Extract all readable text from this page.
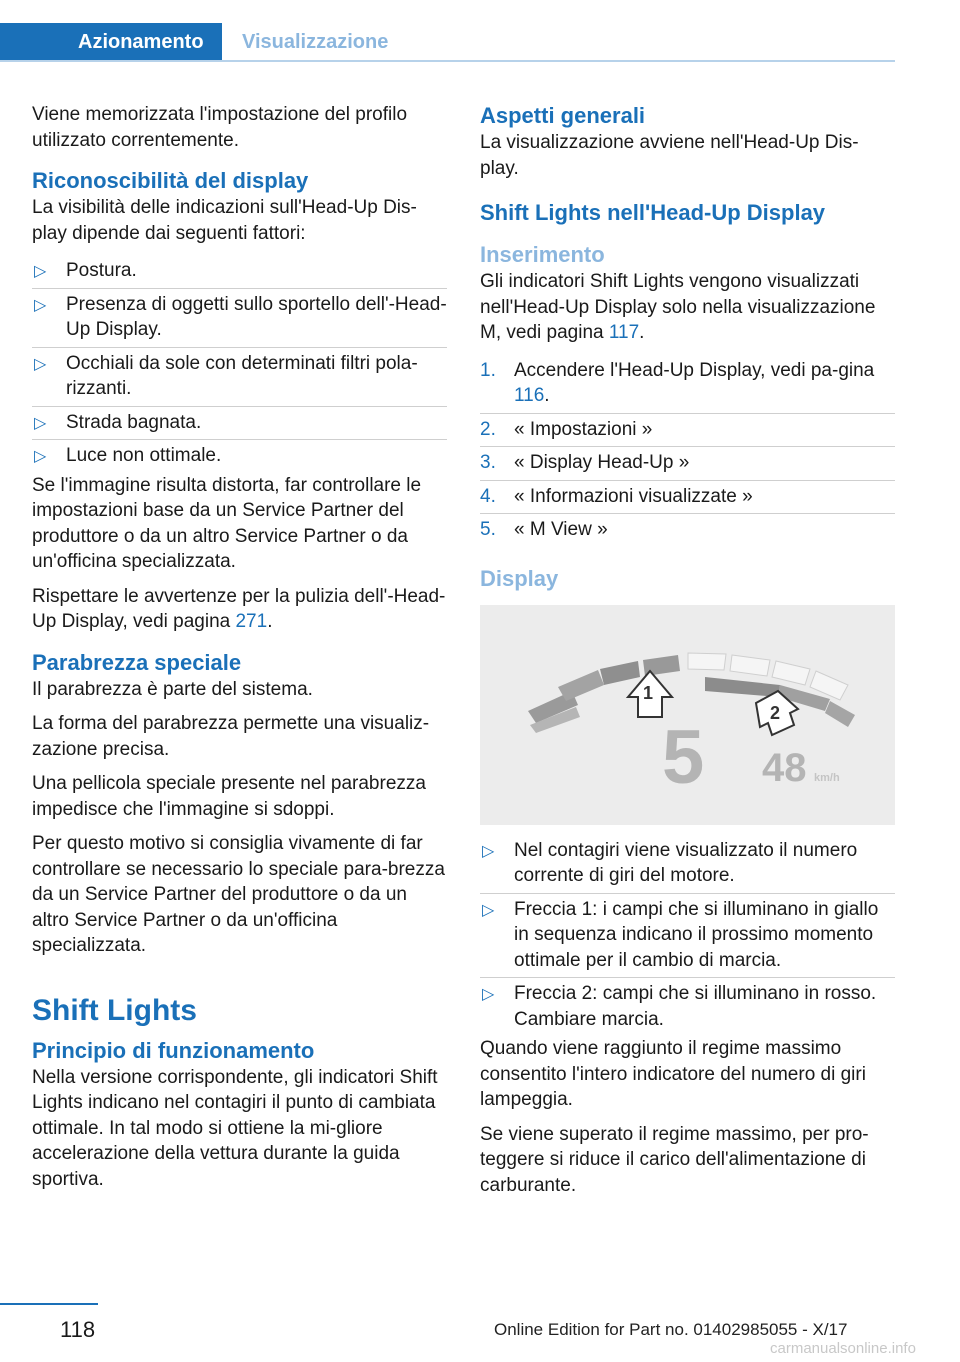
Azionamento	Visualizzazione

Viene memorizzata l'impostazione del profilo utilizzato correntemente.

Riconoscibilità del display

La visibilità delle indicazioni sull'Head-Up Dis-play dipende dai seguenti fattori:

▷ Postura.
▷ Presenza di oggetti sullo sportello dell'-Head-Up Display.
▷ Occhiali da sole con determinati filtri pola-rizzanti.
▷ Strada bagnata.
▷ Luce non ottimale.

Se l'immagine risulta distorta, far controllare le impostazioni base da un Service Partner del produttore o da un altro Service Partner o da un'officina specializzata.

Rispettare le avvertenze per la pulizia dell'-Head-Up Display, vedi pagina 271.

Parabrezza speciale

Il parabrezza è parte del sistema.

La forma del parabrezza permette una visualiz-zazione precisa.

Una pellicola speciale presente nel parabrezza impedisce che l'immagine si sdoppi.

Per questo motivo si consiglia vivamente di far controllare se necessario lo speciale para-brezza da un Service Partner del produttore o da un altro Service Partner o da un'officina specializzata.

Shift Lights
Principio di funzionamento

Nella versione corrispondente, gli indicatori Shift Lights indicano nel contagiri il punto di cambiata ottimale. In tal modo si ottiene la mi-gliore accelerazione della vettura durante la guida sportiva.

Aspetti generali

La visualizzazione avviene nell'Head-Up Dis-play.

Shift Lights nell'Head-Up Display
Inserimento

Gli indicatori Shift Lights vengono visualizzati nell'Head-Up Display solo nella visualizzazione M, vedi pagina 117.

1. Accendere l'Head-Up Display, vedi pa-gina 116.
2. « Impostazioni »
3. « Display Head-Up »
4. « Informazioni visualizzate »
5. « M View »
Display
1
2
5 48 km/h
▷ Nel contagiri viene visualizzato il numero corrente di giri del motore.
▷ Freccia 1: i campi che si illuminano in giallo in sequenza indicano il prossimo momento ottimale per il cambio di marcia.
▷ Freccia 2: campi che si illuminano in rosso. Cambiare marcia.

Quando viene raggiunto il regime massimo consentito l'intero indicatore del numero di giri lampeggia.

Se viene superato il regime massimo, per pro-teggere si riduce il carico dell'alimentazione di carburante.

118	Online Edition for Part no. 01402985055 - X/17
carmanualsonline.info
